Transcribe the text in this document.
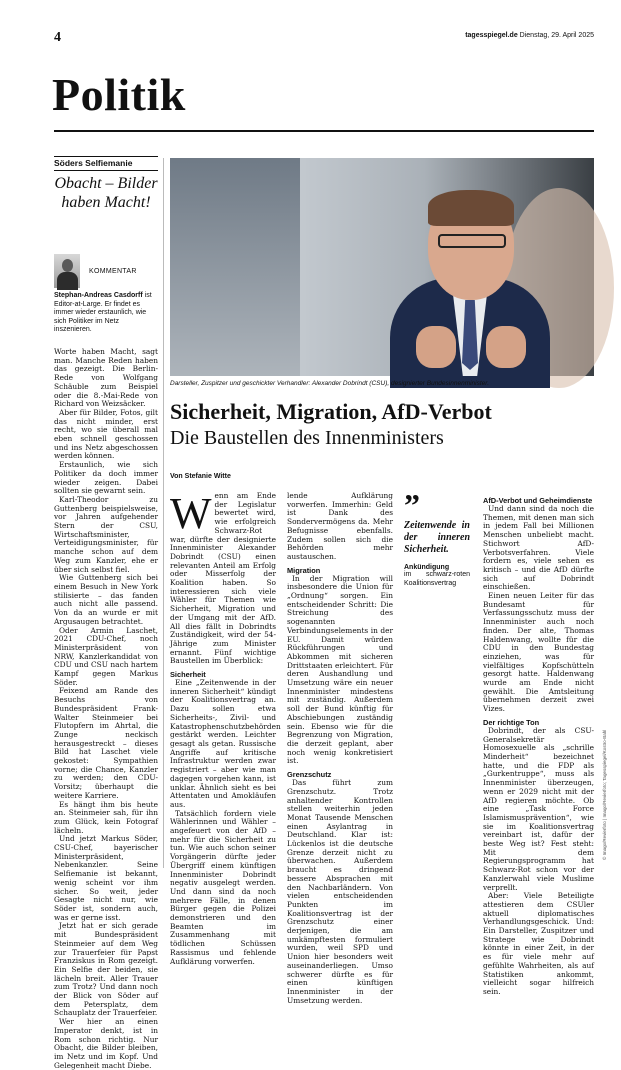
4	tagesspiegel.de Dienstag, 29. April 2025
Politik
Söders Selfiemanie
Obacht – Bilder haben Macht!
KOMMENTAR
Stephan-Andreas Casdorff ist Editor-at-Large. Er findet es immer wieder erstaunlich, wie sich Politiker im Netz inszenieren.

Worte haben Macht, sagt man. Manche Reden haben das gezeigt. Die Berlin-Rede von Wolfgang Schäuble zum Beispiel oder die 8.-Mai-Rede von Richard von Weizsäcker.

Aber für Bilder, Fotos, gilt das nicht minder, erst recht, wo sie überall mal eben schnell geschossen und ins Netz abgeschossen werden können.

Erstaunlich, wie sich Politiker da doch immer wieder zeigen. Dabei sollten sie gewarnt sein.

Karl-Theodor zu Guttenberg beispielsweise, vor Jahren aufgehender Stern der CSU, Wirtschaftsminister, Verteidigungsminister, für manche schon auf dem Weg zum Kanzler, ehe er über sich selbst fiel.

Wie Guttenberg sich bei einem Besuch in New York stilisierte – das fanden auch nicht alle passend. Von da an wurde er mit Argusaugen betrachtet.

Oder Armin Laschet, 2021 CDU-Chef, noch Ministerpräsident von NRW, Kanzlerkandidat von CDU und CSU nach hartem Kampf gegen Markus Söder.

Feixend am Rande des Besuchs von Bundespräsident Frank-Walter Steinmeier bei Flutopfern im Ahrtal, die Zunge neckisch herausgestreckt – dieses Bild hat Laschet viele gekostet: Sympathien vorne; die Chance, Kanzler zu werden; den CDU-Vorsitz; überhaupt die weitere Karriere.

Es hängt ihm bis heute an. Steinmeier sah, für ihn zum Glück, kein Fotograf lächeln.

Und jetzt Markus Söder, CSU-Chef, bayerischer Ministerpräsident, Nebenkanzler. Seine Selfiemanie ist bekannt, wenig scheint vor ihm sicher. So weit, jeder Gesagte nicht nur, wie Söder ist, sondern auch, was er gerne isst.

Jetzt hat er sich gerade mit Bundespräsident Steinmeier auf dem Weg zur Trauerfeier für Papst Franziskus in Rom gezeigt. Ein Selfie der beiden, sie lächeln breit. Aller Trauer zum Trotz? Und dann noch der Blick von Söder auf dem Petersplatz, dem Schauplatz der Trauerfeier.

Wer hier an einen Imperator denkt, ist in Rom schon richtig. Nur Obacht, die Bilder bleiben, im Netz und im Kopf. Und Gelegenheit macht Diebe.

Darsteller, Zuspitzer und geschickter Verhandler: Alexander Dobrindt (CSU), designierter Bundesinnenminister.
Sicherheit, Migration, AfD-Verbot
Die Baustellen des Innenministers
Von Stefanie Witte
Wenn am Ende der Legislatur bewertet wird, wie erfolgreich Schwarz-Rot war, dürfte der designierte Innenminister Alexander Dobrindt (CSU) einen relevanten Anteil am Erfolg oder Misserfolg der Koalition haben. So interessieren sich viele Wähler für Themen wie Sicherheit, Migration und der Umgang mit der AfD. All dies fällt in Dobrindts Zuständigkeit, wird der 54-Jährige zum Minister ernannt. Fünf wichtige Baustellen im Überblick:

Sicherheit

Eine „Zeitenwende in der inneren Sicherheit“ kündigt der Koalitionsvertrag an. Dazu sollen etwa Sicherheits-, Zivil- und Katastrophenschutzbehörden gestärkt werden. Leichter gesagt als getan. Russische Angriffe auf kritische Infrastruktur werden zwar registriert – aber wie man dagegen vorgehen kann, ist unklar. Ähnlich sieht es bei Attentaten und Amokläufen aus.

Tatsächlich fordern viele Wählerinnen und Wähler – angefeuert von der AfD – mehr für die Sicherheit zu tun. Wie auch schon seiner Vorgängerin dürfte jeder Übergriff einem künftigen Innenminister Dobrindt negativ ausgelegt werden. Und dann sind da noch mehrere Fälle, in denen Bürger gegen die Polizei demonstrieren und den Beamten im Zusammenhang mit tödlichen Schüssen Rassismus und fehlende Aufklärung vorwerfen.

lende Aufklärung vorwerfen. Immerhin: Geld ist Dank des Sondervermögens da. Mehr Befugnisse ebenfalls. Zudem sollen sich die Behörden mehr austauschen.

Migration

In der Migration will insbesondere die Union für „Ordnung“ sorgen. Ein entscheidender Schritt: Die Streichung des sogenannten Verbindungselements in der EU. Damit würden Rückführungen und Abkommen mit sicheren Drittstaaten erleichtert. Für deren Aushandlung und Umsetzung wäre ein neuer Innenminister mindestens mit zuständig. Außerdem soll der Bund künftig für Abschiebungen zuständig sein. Ebenso wie für die Begrenzung von Migration, die derzeit geplant, aber noch wenig konkretisiert ist.

Grenzschutz

Das führt zum Grenzschutz. Trotz anhaltender Kontrollen stellen weiterhin jeden Monat Tausende Menschen einen Asylantrag in Deutschland. Klar ist: Lückenlos ist die deutsche Grenze derzeit nicht zu überwachen. Außerdem braucht es dringend bessere Absprachen mit den Nachbarländern. Von vielen entscheidenden Punkten im Koalitionsvertrag ist der Grenzschutz einer derjenigen, die am umkämpftesten formuliert wurden, weil SPD und Union hier besonders weit auseinanderliegen. Umso schwerer dürfte es für einen künftigen Innenminister in der Umsetzung werden.

”
Zeitenwende in der inneren Sicherheit.
Ankündigung
im schwarz-roten Koalitionsvertrag

AfD-Verbot und Geheimdienste

Und dann sind da noch die Themen, mit denen man sich in jedem Fall bei Millionen Menschen unbeliebt macht. Stichwort AfD-Verbotsverfahren. Viele fordern es, viele sehen es kritisch – und die AfD dürfte sich auf Dobrindt einschießen.

Einen neuen Leiter für das Bundesamt für Verfassungsschutz muss der Innenminister auch noch finden. Der alte, Thomas Haldenwang, wollte für die CDU in den Bundestag einziehen, was für vielfältiges Kopfschütteln gesorgt hatte. Haldenwang wurde am Ende nicht gewählt. Die Amtsleitung übernehmen derzeit zwei Vizes.

Der richtige Ton

Dobrindt, der als CSU-Generalsekretär Homosexuelle als „schrille Minderheit“ bezeichnet hatte, und die FDP als „Gurkentruppe“, muss als Innenminister überzeugen, wenn er 2029 nicht mit der AfD regieren möchte. Ob eine „Task Force Islamismusprävention“, wie sie im Koalitionsvertrag vereinbart ist, dafür der beste Weg ist? Fest steht: Mit dem Regierungsprogramm hat Schwarz-Rot schon vor der Kanzlerwahl viele Muslime verprellt.

Aber: Viele Beteiligte attestieren dem CSUler aktuell diplomatisches Verhandlungsgeschick. Und: Ein Darsteller, Zuspitzer und Stratege wie Dobrindt könnte in einer Zeit, in der es für viele mehr auf gefühlte Wahrheiten, als auf Statistiken ankommt, vielleicht sogar hilfreich sein.

© Imago/Revierfoto | Imago/Revierfoto; Tagesspiegel/Kostro-Bahl
